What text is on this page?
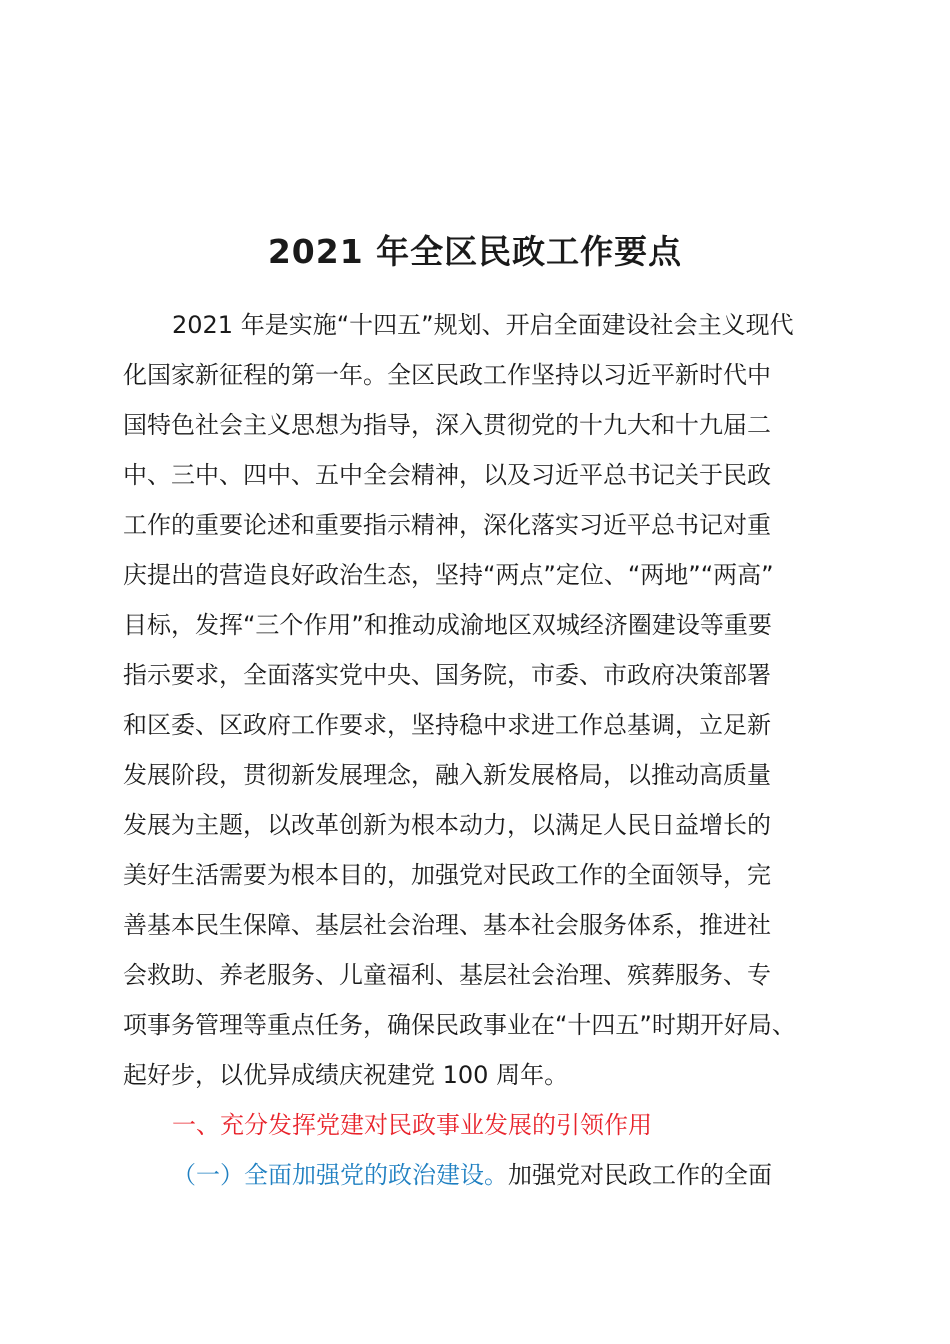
2021 年全区民政工作要点
2021 年是实施“十四五”规划、开启全面建设社会主义现代
化国家新征程的第一年。全区民政工作坚持以习近平新时代中
国特色社会主义思想为指导，深入贯彻党的十九大和十九届二
中、三中、四中、五中全会精神，以及习近平总书记关于民政
工作的重要论述和重要指示精神，深化落实习近平总书记对重
庆提出的营造良好政治生态，坚持“两点”定位、“两地”“两高”
目标，发挥“三个作用”和推动成渝地区双城经济圈建设等重要
指示要求，全面落实党中央、国务院，市委、市政府决策部署
和区委、区政府工作要求，坚持稳中求进工作总基调，立足新
发展阶段，贯彻新发展理念，融入新发展格局，以推动高质量
发展为主题，以改革创新为根本动力，以满足人民日益增长的
美好生活需要为根本目的，加强党对民政工作的全面领导，完
善基本民生保障、基层社会治理、基本社会服务体系，推进社
会救助、养老服务、儿童福利、基层社会治理、殡葬服务、专
项事务管理等重点任务，确保民政事业在“十四五”时期开好局、
起好步，以优异成绩庆祝建党 100 周年。
一、充分发挥党建对民政事业发展的引领作用
（一）全面加强党的政治建设。加强党对民政工作的全面
